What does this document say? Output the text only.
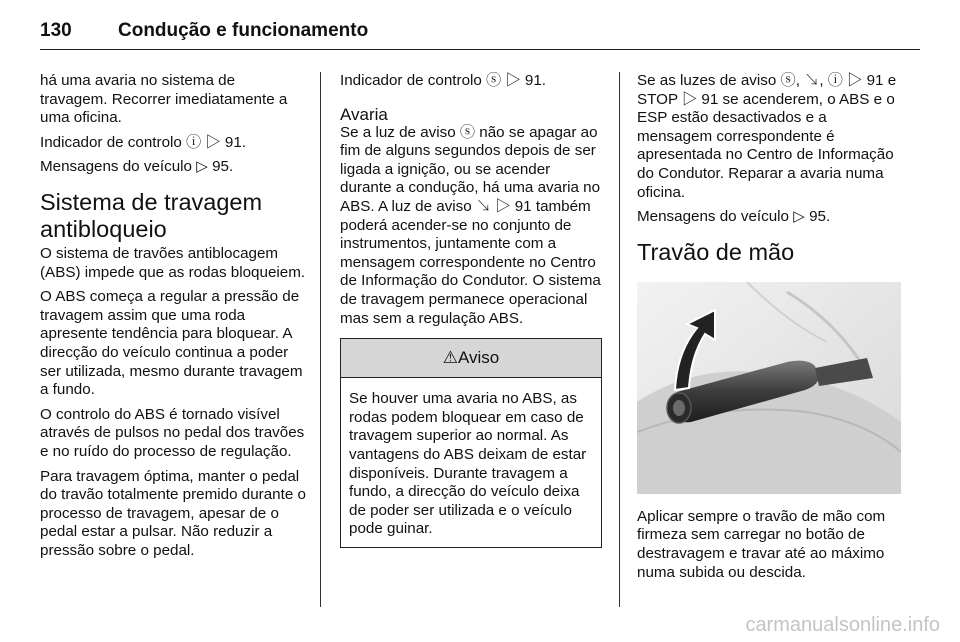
130 Condução e funcionamento

há uma avaria no sistema de travagem. Recorrer imediatamente a uma oficina.

Indicador de controlo ⓘ ▷ 91.

Mensagens do veículo ▷ 95.

Sistema de travagem antibloqueio

O sistema de travões antiblocagem (ABS) impede que as rodas bloqueiem.

O ABS começa a regular a pressão de travagem assim que uma roda apresente tendência para bloquear. A direcção do veículo continua a poder ser utilizada, mesmo durante travagem a fundo.

O controlo do ABS é tornado visível através de pulsos no pedal dos travões e no ruído do processo de regulação.

Para travagem óptima, manter o pedal do travão totalmente premido durante o processo de travagem, apesar de o pedal estar a pulsar. Não reduzir a pressão sobre o pedal.

Indicador de controlo ⓢ ▷ 91.

Avaria

Se a luz de aviso ⓢ não se apagar ao fim de alguns segundos depois de ser ligada a ignição, ou se acender durante a condução, há uma avaria no ABS. A luz de aviso ↘ ▷ 91 também poderá acender-se no conjunto de instrumentos, juntamente com a mensagem correspondente no Centro de Informação do Condutor. O sistema de travagem permanece operacional mas sem a regulação ABS.

⚠Aviso
Se houver uma avaria no ABS, as rodas podem bloquear em caso de travagem superior ao normal. As vantagens do ABS deixam de estar disponíveis. Durante travagem a fundo, a direcção do veículo deixa de poder ser utilizada e o veículo pode guinar.

Se as luzes de aviso ⓢ, ↘, ⓘ ▷ 91 e STOP ▷ 91 se acenderem, o ABS e o ESP estão desactivados e a mensagem correspondente é apresentada no Centro de Informação do Condutor. Reparar a avaria numa oficina.

Mensagens do veículo ▷ 95.

Travão de mão

Aplicar sempre o travão de mão com firmeza sem carregar no botão de destravagem e travar até ao máximo numa subida ou descida.

carmanualsonline.info
